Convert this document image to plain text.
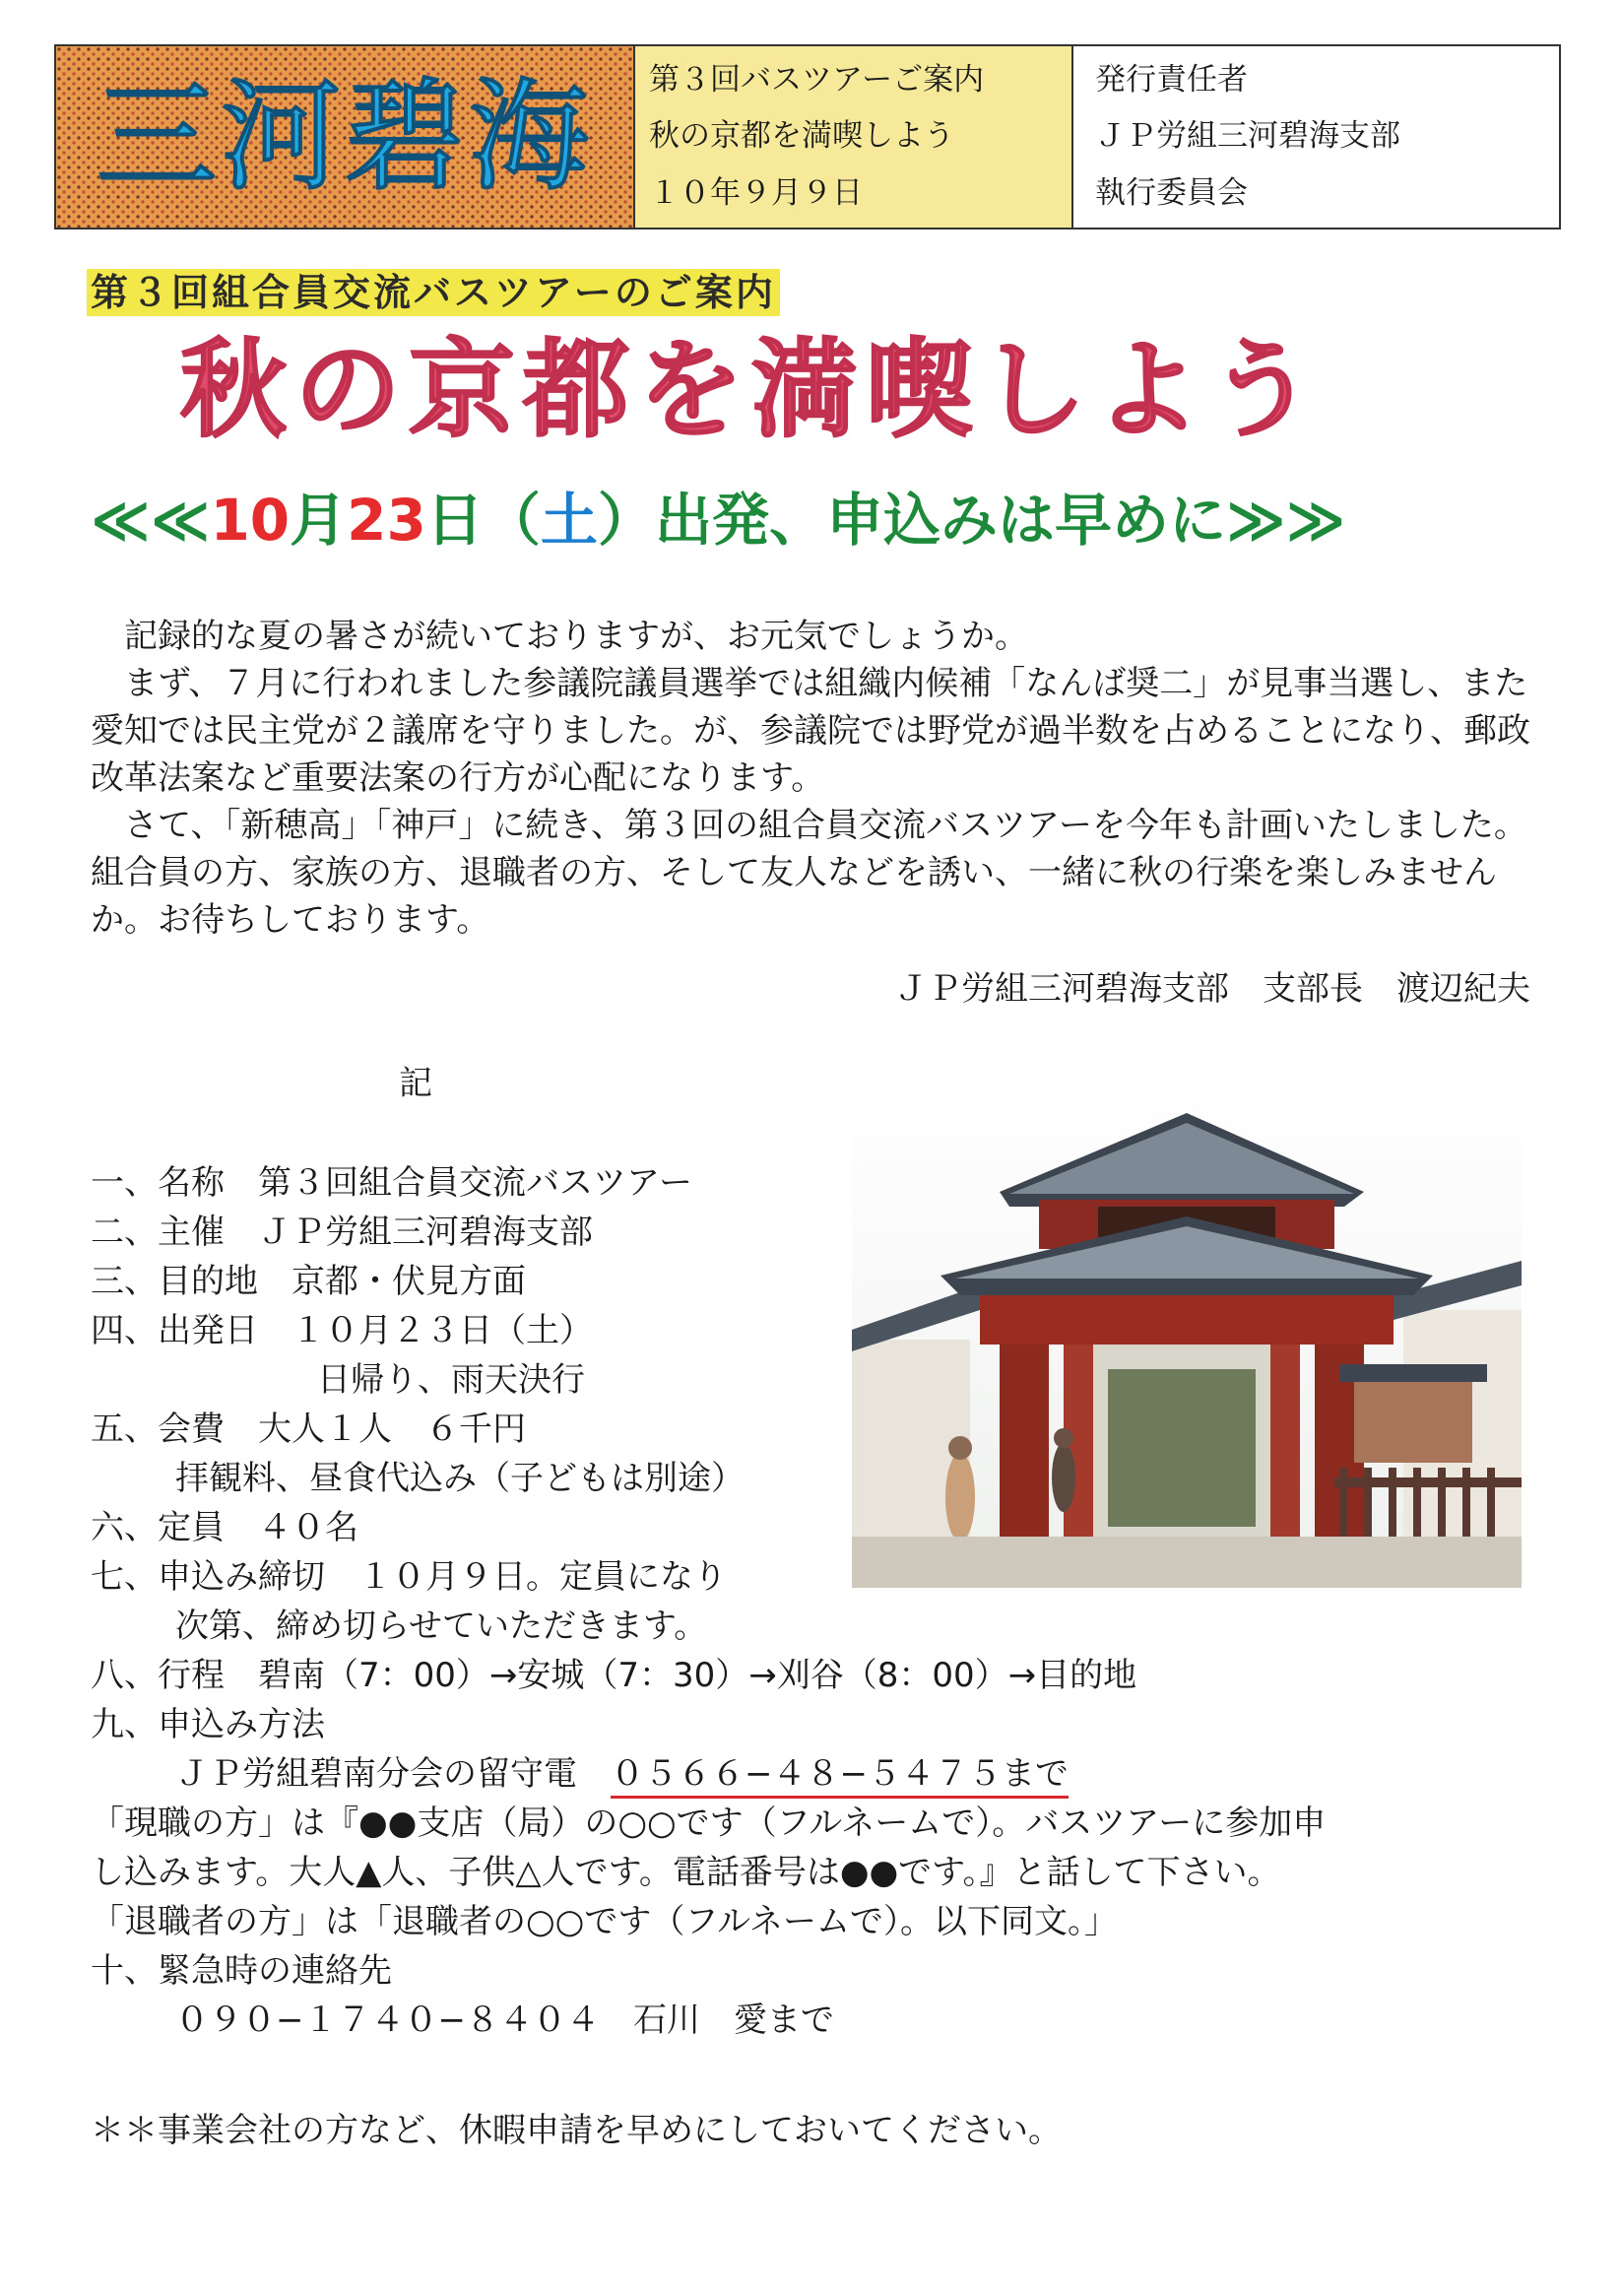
三河碧海 第３回バスツアーご案内
秋の京都を満喫しよう
１０年９月９日
発行責任者
ＪＰ労組三河碧海支部
執行委員会
第３回組合員交流バスツアーのご案内
秋の京都を満喫しよう
≪≪10月23日（土）出発、申込みは早めに≫≫

記録的な夏の暑さが続いておりますが、お元気でしょうか。

まず、７月に行われました参議院議員選挙では組織内候補「なんば奨二」が見事当選し、また愛知では民主党が２議席を守りました。が、参議院では野党が過半数を占めることになり、郵政改革法案など重要法案の行方が心配になります。

さて、「新穂高」「神戸」に続き、第３回の組合員交流バスツアーを今年も計画いたしました。組合員の方、家族の方、退職者の方、そして友人などを誘い、一緒に秋の行楽を楽しみませんか。お待ちしております。

ＪＰ労組三河碧海支部　支部長　渡辺紀夫
記
一、名称　第３回組合員交流バスツアー
二、主催　ＪＰ労組三河碧海支部
三、目的地　京都・伏見方面
四、出発日　１０月２３日（土）
日帰り、雨天決行
五、会費　大人１人　６千円
拝観料、昼食代込み（子どもは別途）
六、定員　４０名
七、申込み締切　１０月９日。定員になり
次第、締め切らせていただきます。
八、行程　碧南（7：00）→安城（7：30）→刈谷（8：00）→目的地
九、申込み方法
ＪＰ労組碧南分会の留守電　 ０５６６−４８−５４７５まで
「現職の方」は『●●支店（局）の○○です（フルネームで）。バスツアーに参加申
し込みます。大人▲人、子供△人です。電話番号は●●です。』と話して下さい。
「退職者の方」は「退職者の○○です（フルネームで）。以下同文。」
十、緊急時の連絡先
０９０−１７４０−８４０４　石川　愛まで
＊＊事業会社の方など、休暇申請を早めにしておいてください。
